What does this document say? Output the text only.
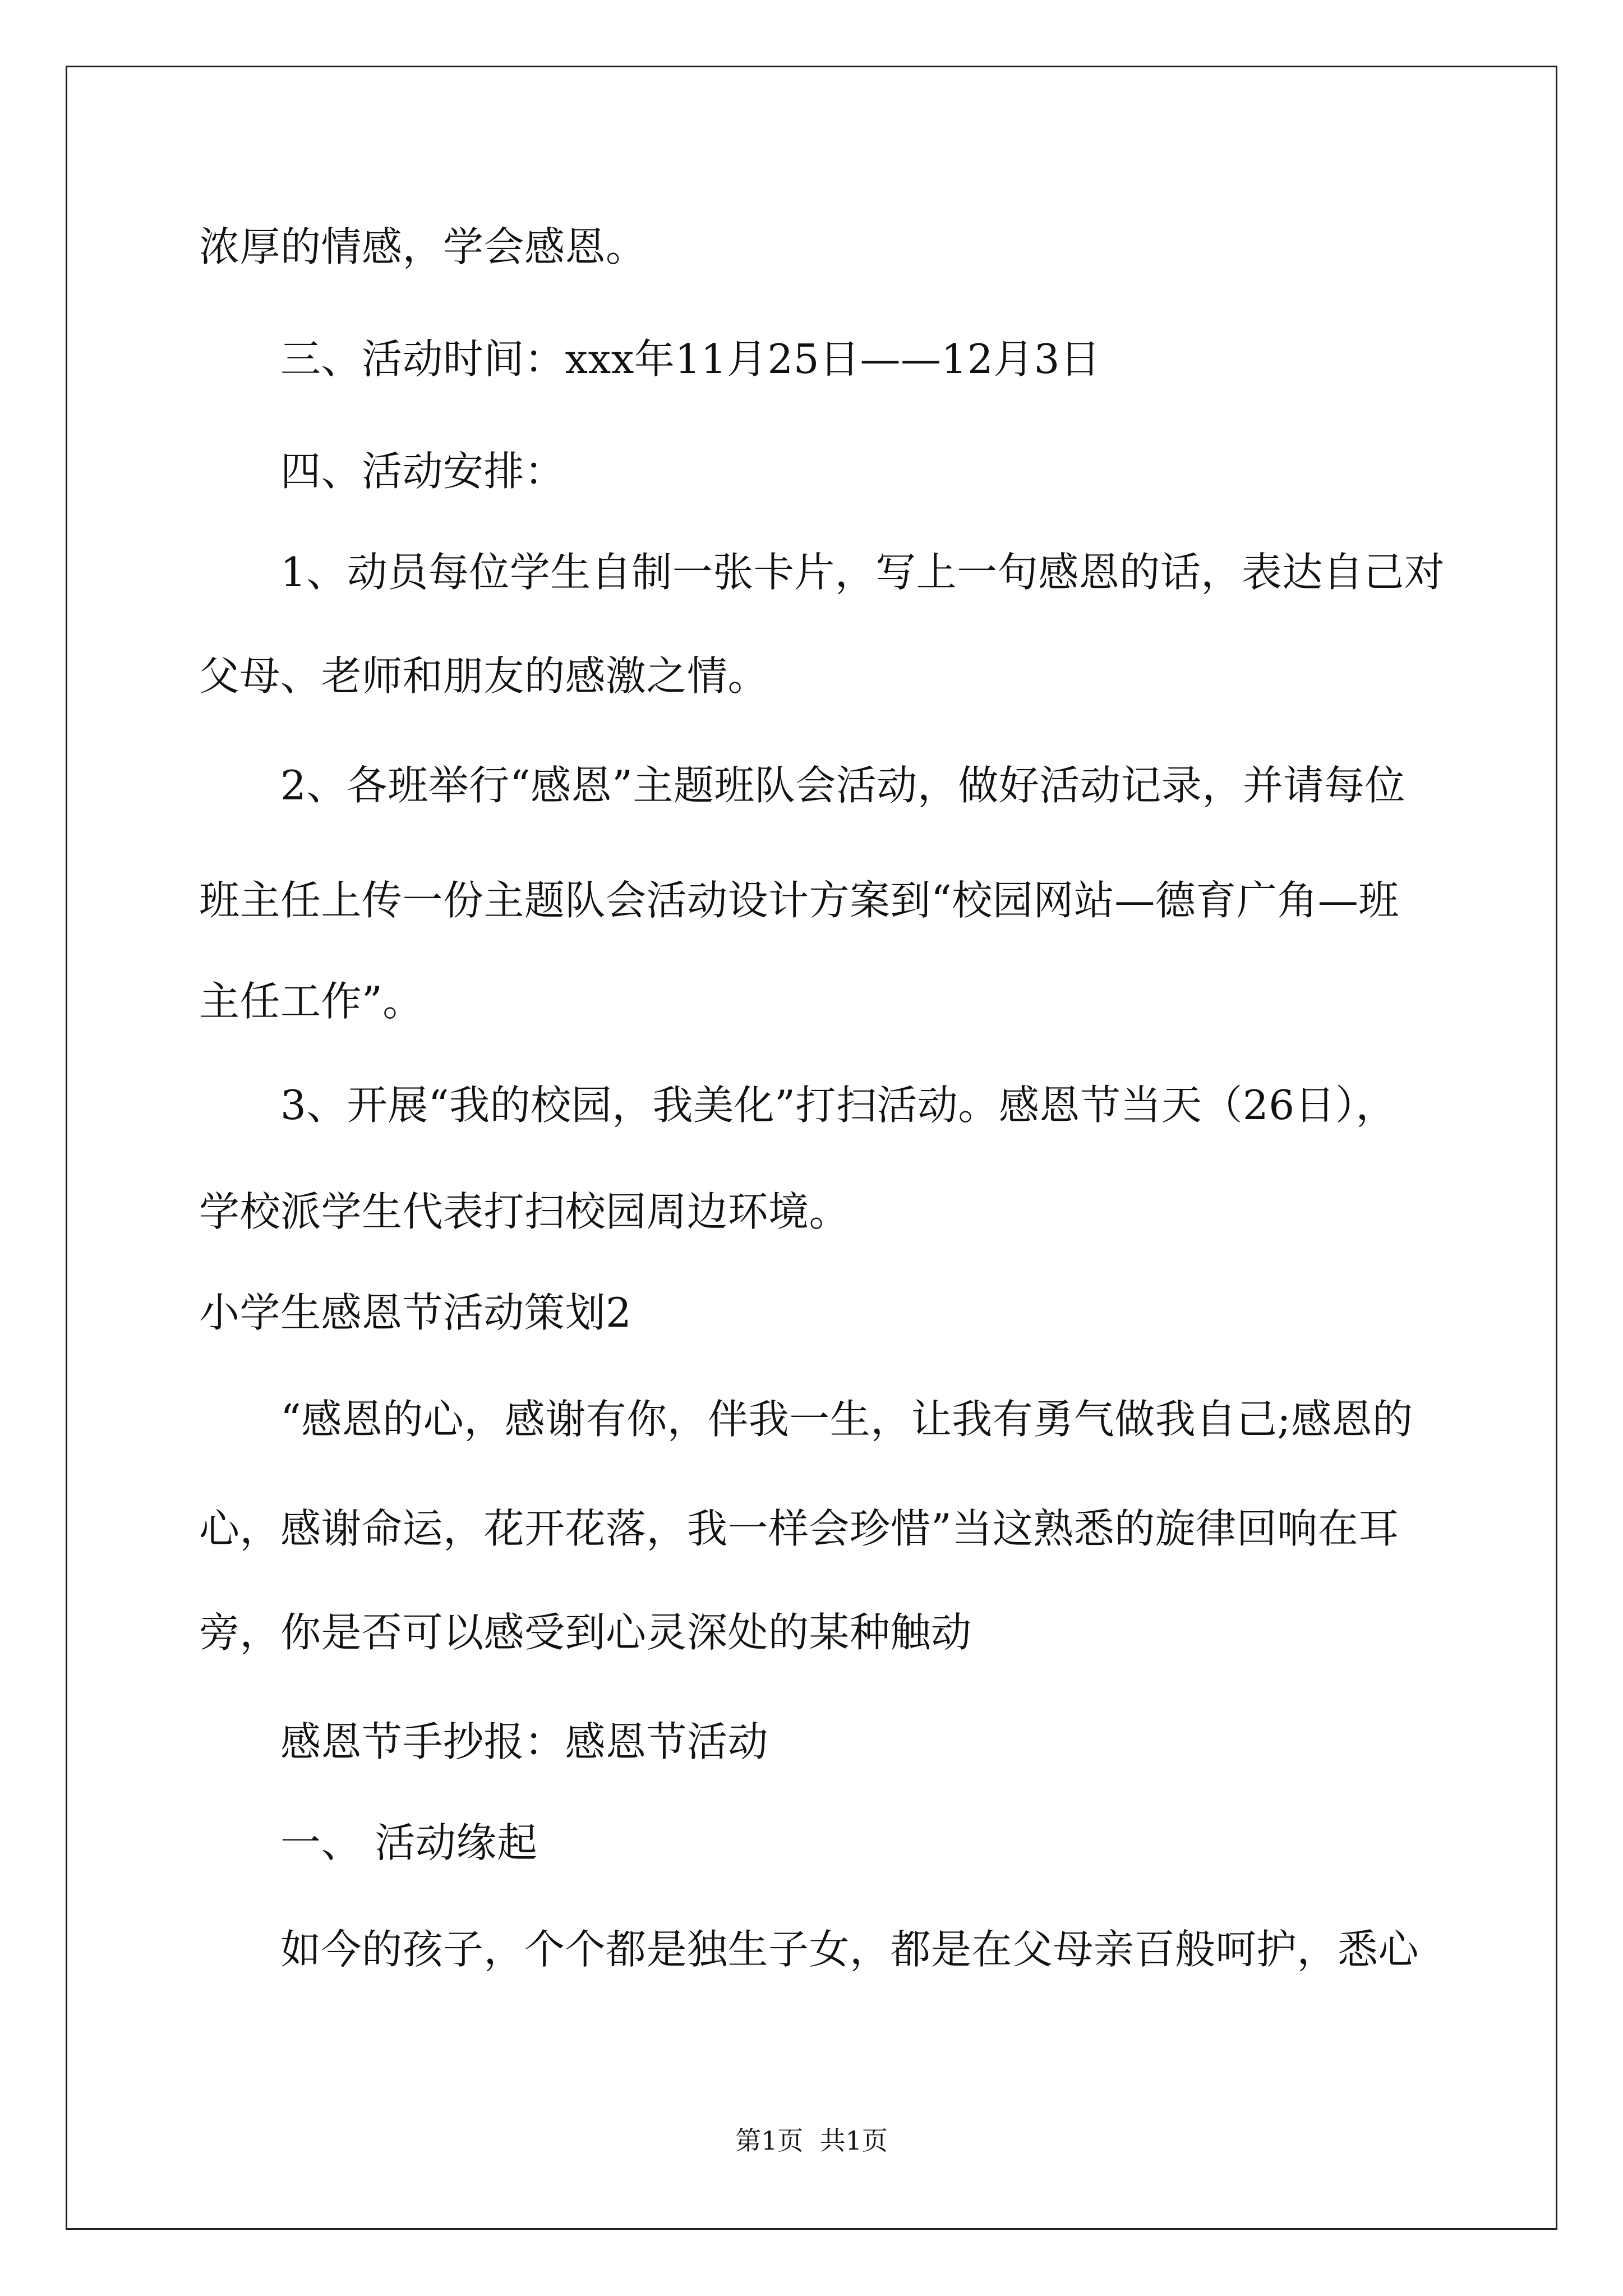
浓厚的情感，学会感恩。
三、活动时间：xxx年11月25日——12月3日
四、活动安排：
1、动员每位学生自制一张卡片，写上一句感恩的话，表达自己对
父母、老师和朋友的感激之情。
2、各班举行“感恩”主题班队会活动，做好活动记录，并请每位
班主任上传一份主题队会活动设计方案到“校园网站—德育广角—班
主任工作”。
3、开展“我的校园，我美化”打扫活动。感恩节当天（26日），
学校派学生代表打扫校园周边环境。
小学生感恩节活动策划2
“感恩的心，感谢有你，伴我一生，让我有勇气做我自己;感恩的
心，感谢命运，花开花落，我一样会珍惜”当这熟悉的旋律回响在耳
旁，你是否可以感受到心灵深处的某种触动
感恩节手抄报：感恩节活动
一、 活动缘起
如今的孩子，个个都是独生子女，都是在父母亲百般呵护，悉心
第1页  共1页
